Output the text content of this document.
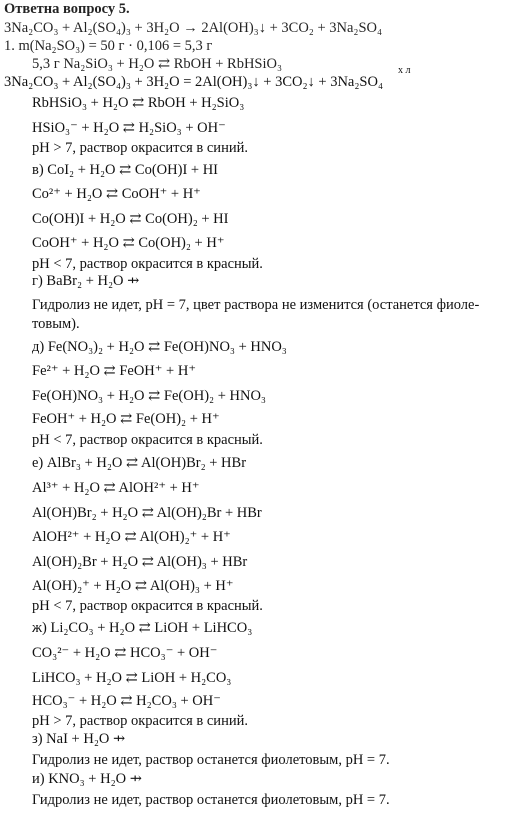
Ответна вопросу 5.
3Na₂CO₃ + Al₂(SO₄)₃ + 3H₂O → 2Al(OH)₃↓ + 3CO₂ + 3Na₂SO₄
1. m(Na₂SO₃) = 50 г · 0,106 = 5,3 г
5,3 г Na₂SiO₃ + H₂O ⇄ RbOH + RbHSiO₃
3Na₂CO₃ + Al₂(SO₄)₃ + 3H₂O = 2Al(OH)₃↓ + 3CO₂↓ + 3Na₂SO₄
х л
RbHSiO₃ + H₂O ⇄ RbOH + H₂SiO₃
HSiO₃⁻ + H₂O ⇄ H₂SiO₃ + OH⁻
pH > 7, раствор окрасится в синий.
в) CoI₂ + H₂O ⇄ Co(OH)I + HI
Co²⁺ + H₂O ⇄ CoOH⁺ + H⁺
Co(OH)I + H₂O ⇄ Co(OH)₂ + HI
CoOH⁺ + H₂O ⇄ Co(OH)₂ + H⁺
pH < 7, раствор окрасится в красный.
г) BaBr₂ + H₂O ⇸
Гидролиз не идет, pH = 7, цвет раствора не изменится (останется фиоле-
товым).
д) Fe(NO₃)₂ + H₂O ⇄ Fe(OH)NO₃ + HNO₃
Fe²⁺ + H₂O ⇄ FeOH⁺ + H⁺
Fe(OH)NO₃ + H₂O ⇄ Fe(OH)₂ + HNO₃
FeOH⁺ + H₂O ⇄ Fe(OH)₂ + H⁺
pH < 7, раствор окрасится в красный.
е) AlBr₃ + H₂O ⇄ Al(OH)Br₂ + HBr
Al³⁺ + H₂O ⇄ AlOH²⁺ + H⁺
Al(OH)Br₂ + H₂O ⇄ Al(OH)₂Br + HBr
AlOH²⁺ + H₂O ⇄ Al(OH)₂⁺ + H⁺
Al(OH)₂Br + H₂O ⇄ Al(OH)₃ + HBr
Al(OH)₂⁺ + H₂O ⇄ Al(OH)₃ + H⁺
pH < 7, раствор окрасится в красный.
ж) Li₂CO₃ + H₂O ⇄ LiOH + LiHCO₃
CO₃²⁻ + H₂O ⇄ HCO₃⁻ + OH⁻
LiHCO₃ + H₂O ⇄ LiOH + H₂CO₃
HCO₃⁻ + H₂O ⇄ H₂CO₃ + OH⁻
pH > 7, раствор окрасится в синий.
з) NaI + H₂O ⇸
Гидролиз не идет, раствор останется фиолетовым, pH = 7.
и) KNO₃ + H₂O ⇸
Гидролиз не идет, раствор останется фиолетовым, pH = 7.
